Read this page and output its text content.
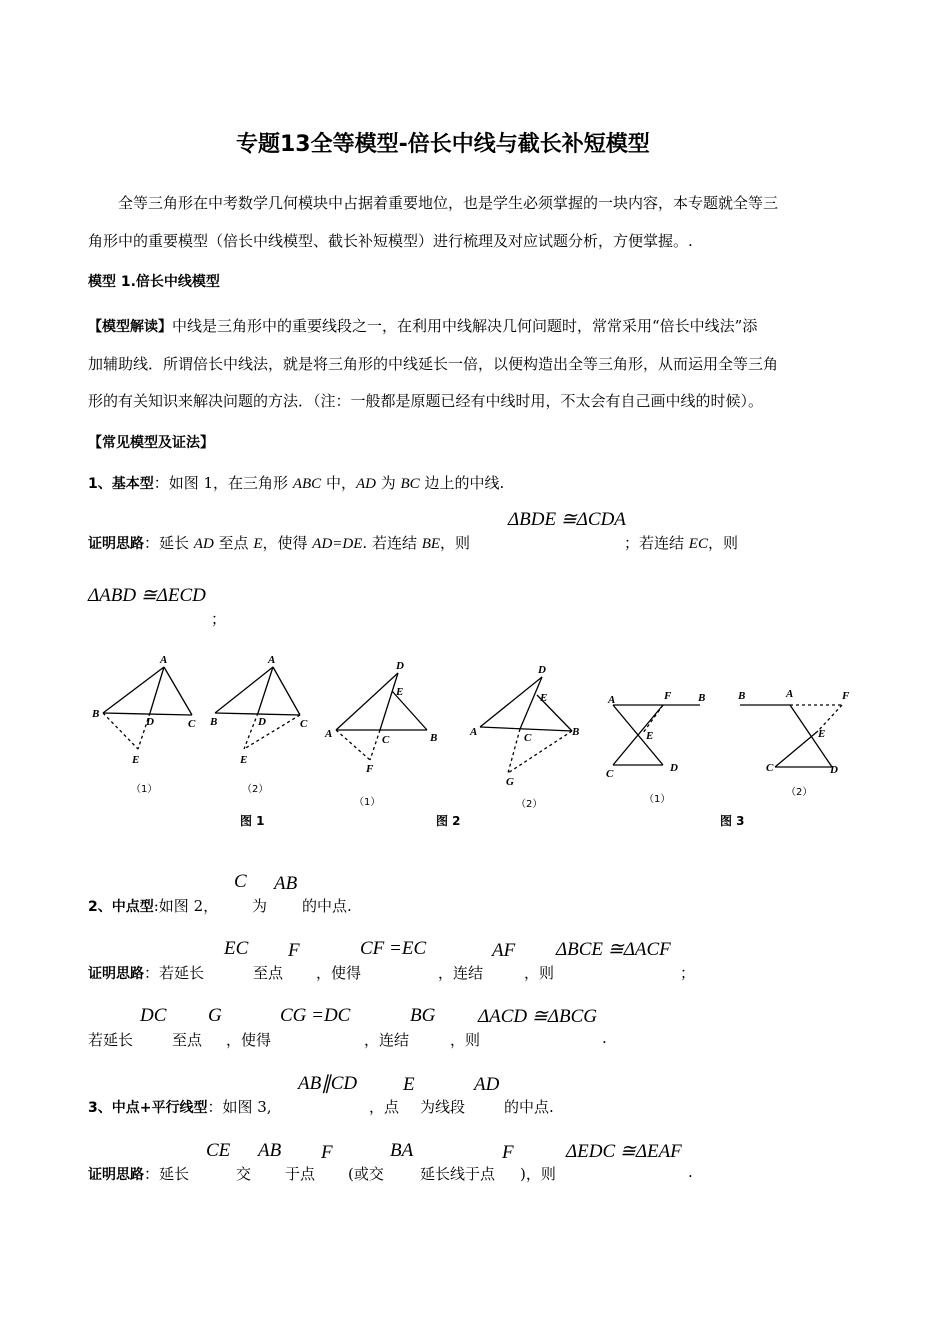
专题13全等模型-倍长中线与截长补短模型
全等三角形在中考数学几何模块中占据着重要地位，也是学生必须掌握的一块内容，本专题就全等三
角形中的重要模型（倍长中线模型、截长补短模型）进行梳理及对应试题分析，方便掌握。.
模型 1.倍长中线模型
【模型解读】中线是三角形中的重要线段之一，在利用中线解决几何问题时，常常采用“倍长中线法”添
加辅助线．所谓倍长中线法，就是将三角形的中线延长一倍，以便构造出全等三角形，从而运用全等三角
形的有关知识来解决问题的方法．（注：一般都是原题已经有中线时用，不太会有自己画中线的时候）。
【常见模型及证法】
1、基本型：如图 1，在三角形 ABC 中，AD 为 BC 边上的中线.
ΔBDE ≅ΔCDA
证明思路：延长 AD 至点 E，使得 AD=DE. 若连结 BE，则	；若连结 EC，则
ΔABD ≅ΔECD
；
A
B
D	C
E
A
B	D	C
E
D
E
A	C	B
F
D
E
A	C	B
G
A	F B
E
C	D
B	A	F
E
C	D
（1）	（2）
（1）	（2）	（1）
（2）
图 1	图 2	图 3
C AB
2、中点型:如图 2， 为 的中点.
EC F	CF =EC	AF ΔBCE ≅ΔACF
证明思路：若延长	至点 ，使得	，连结	，则	；
DC G	CG =DC	BG ΔACD ≅ΔBCG
若延长	至点 ，使得	，连结	，则	.
AB∥CD E	AD
3、中点+平行线型：如图 3,	，点 为线段	的中点.
CE AB F	BA	F	ΔEDC ≅ΔEAF
证明思路：延长	交 于点 (或交 延长线于点 )，则	.
